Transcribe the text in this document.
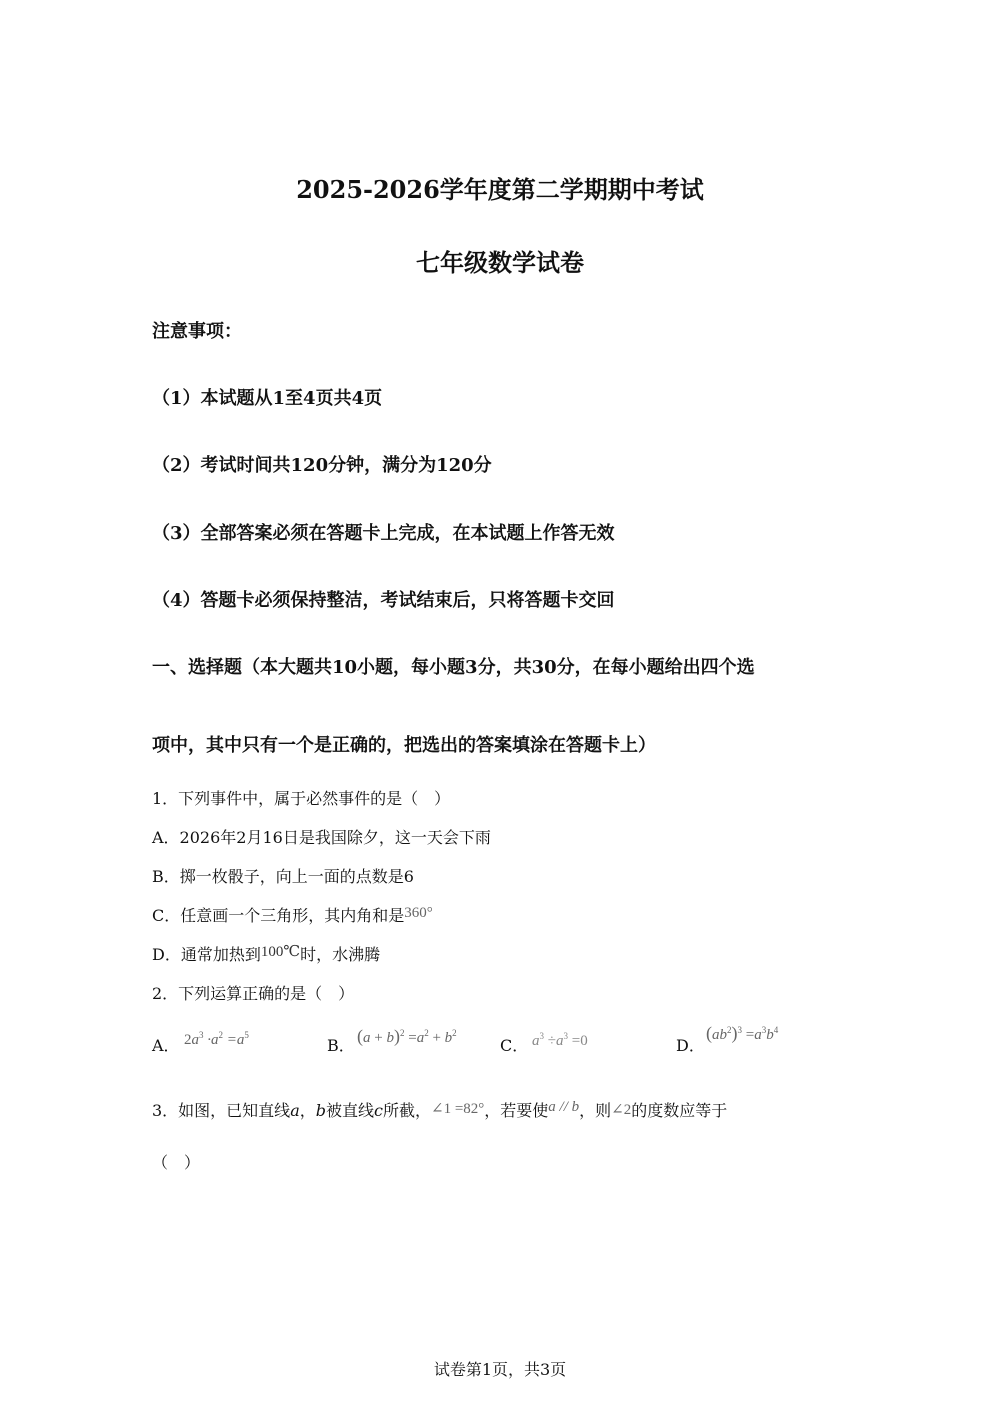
2025-2026学年度第二学期期中考试
七年级数学试卷
注意事项：
（1）本试题从1至4页共4页
（2）考试时间共120分钟，满分为120分
（3）全部答案必须在答题卡上完成，在本试题上作答无效
（4）答题卡必须保持整洁，考试结束后，只将答题卡交回
一、选择题（本大题共10小题，每小题3分，共30分，在每小题给出四个选
项中，其中只有一个是正确的，把选出的答案填涂在答题卡上）
1．下列事件中，属于必然事件的是（　）
A．2026年2月16日是我国除夕，这一天会下雨
B．掷一枚骰子，向上一面的点数是6
C．任意画一个三角形，其内角和是360°
D．通常加热到100℃时，水沸腾
2．下列运算正确的是（　）
A． $2a^3 \cdot a^2 =a^5$
B． $(a + b)^2 =a^2 + b^2$
C． $a^3 \div a^3 =0$	D．
$(ab^2)^3 =a^3b^4$
3．如图，已知直线a，b被直线c所截，∠1 =82°，若要使a // b，则∠2的度数应等于
（　）
试卷第1页，共3页
